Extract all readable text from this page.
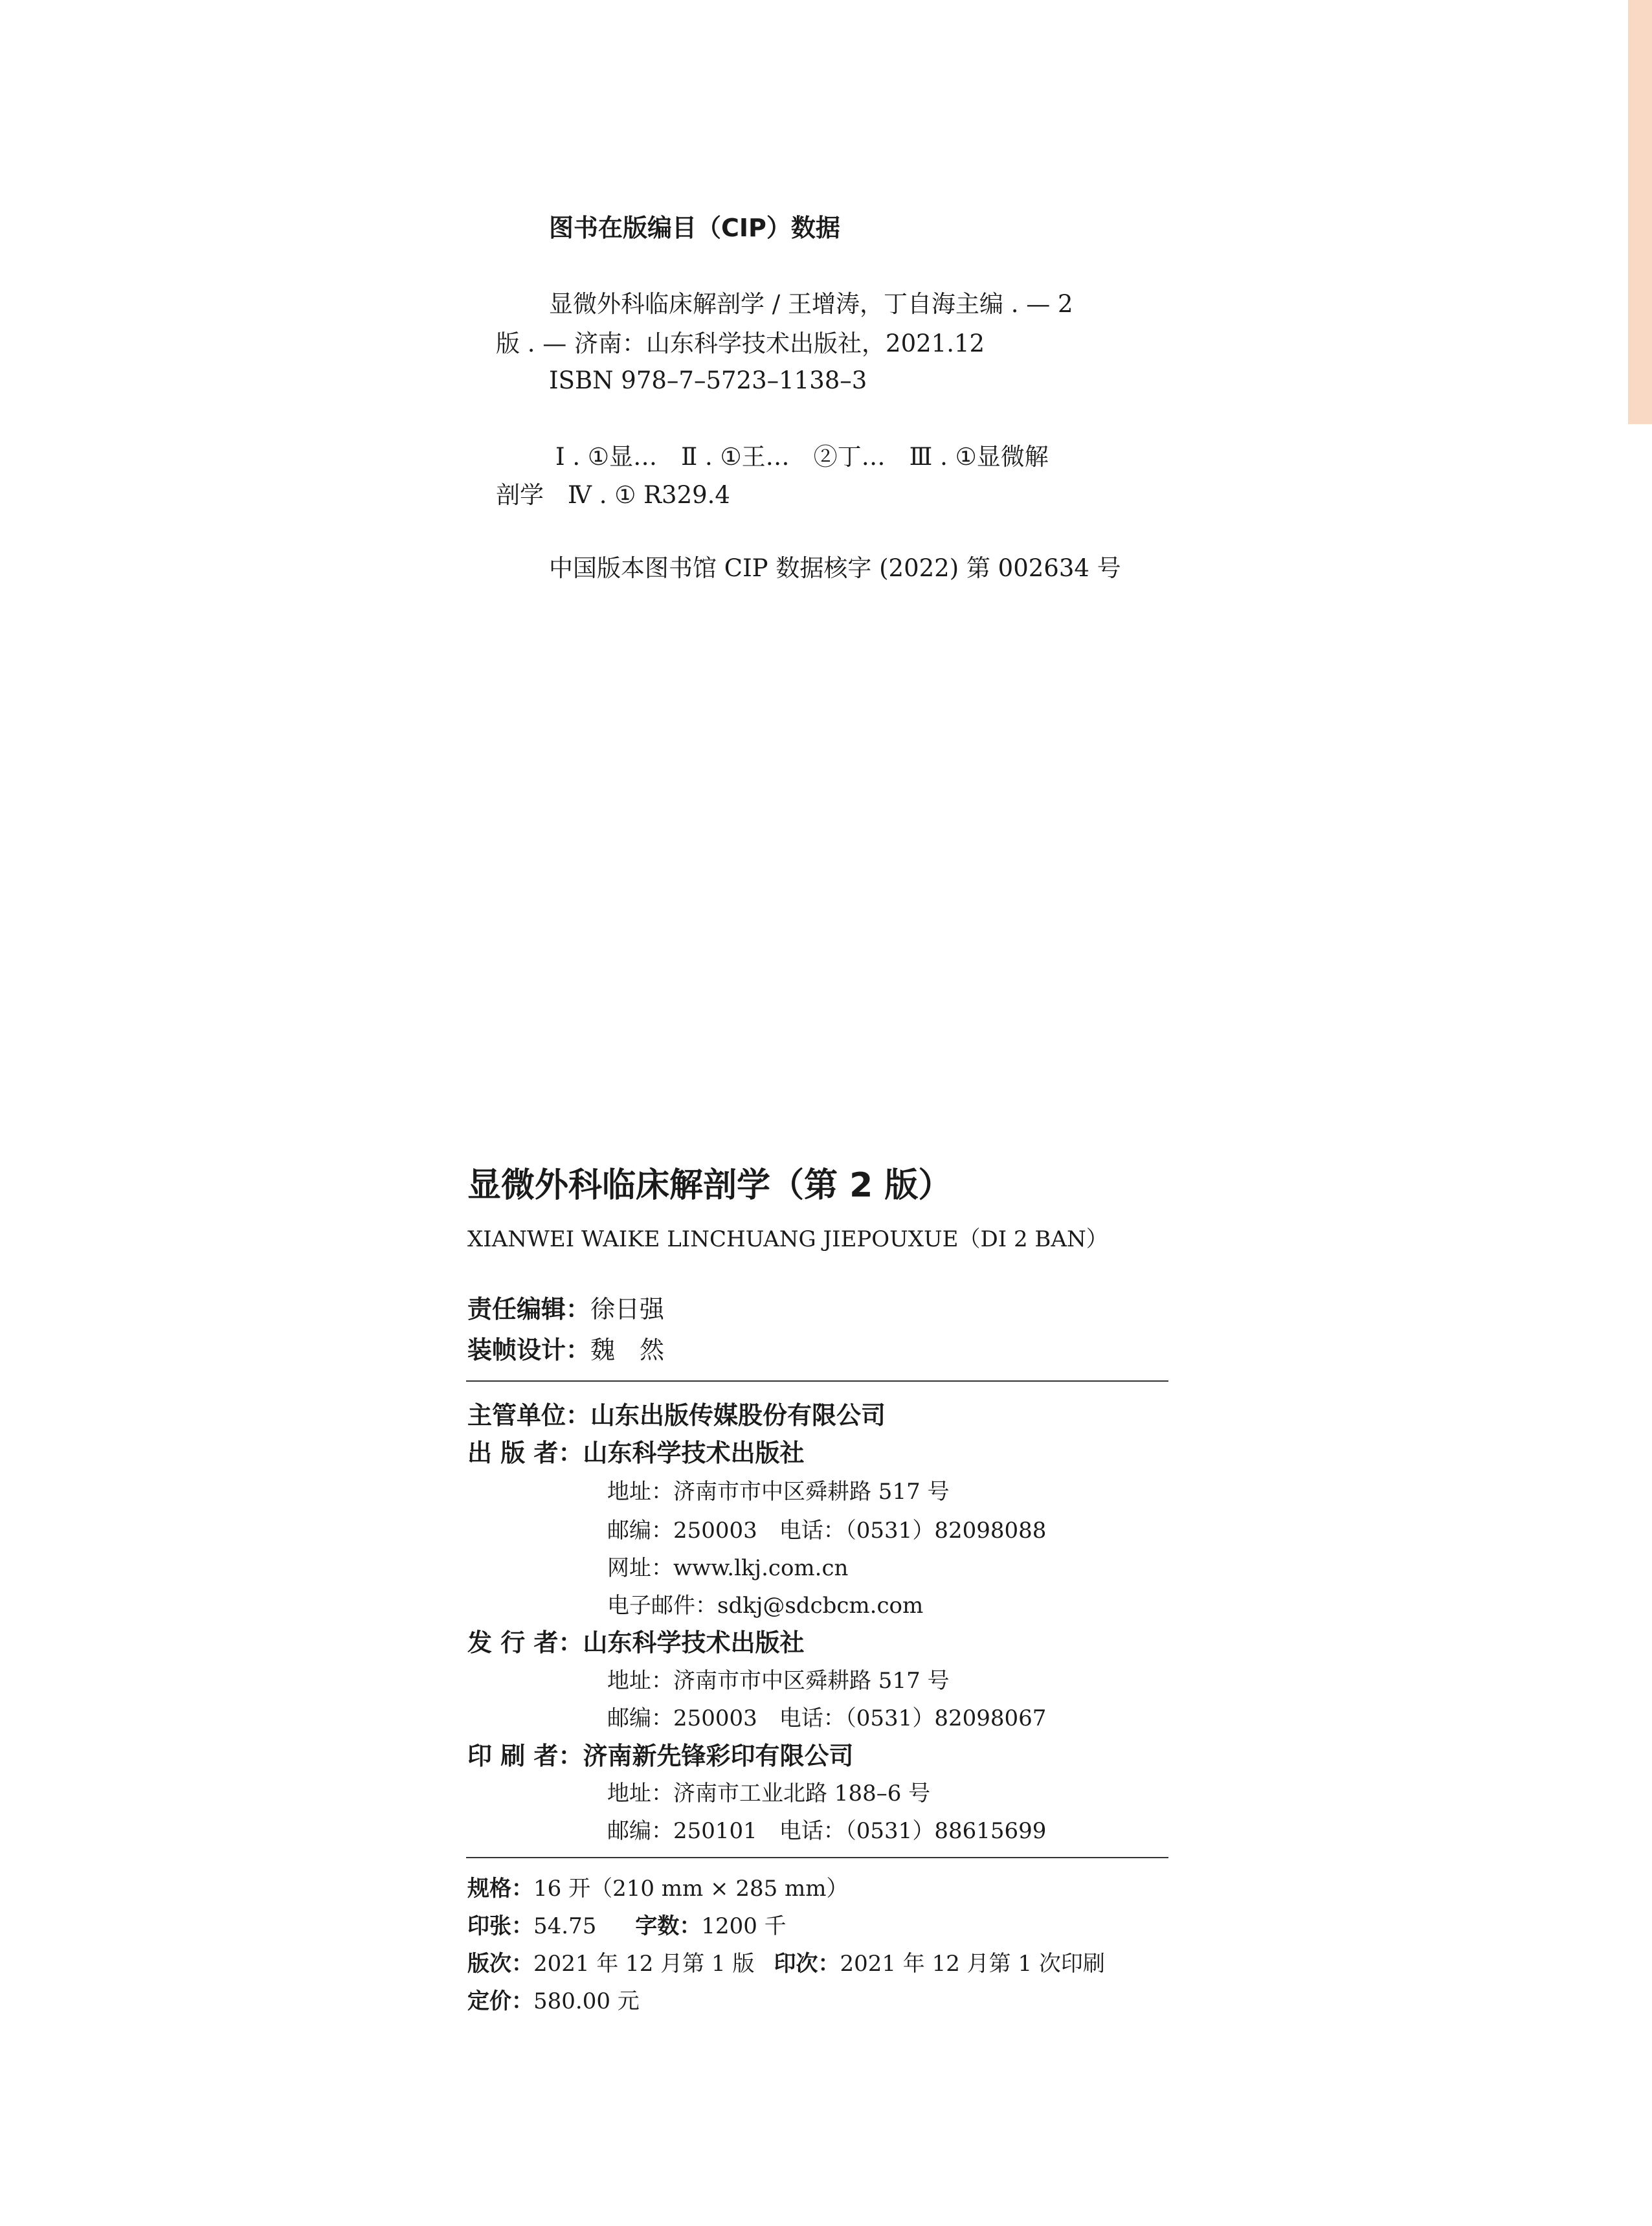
图书在版编目（CIP）数据
显微外科临床解剖学 / 王增涛，丁自海主编 . — 2
版 . — 济南：山东科学技术出版社，2021.12
ISBN 978–7–5723–1138–3
Ⅰ . ①显…　Ⅱ . ①王…　②丁…　Ⅲ . ①显微解
剖学　Ⅳ . ① R329.4
中国版本图书馆 CIP 数据核字 (2022) 第 002634 号
显微外科临床解剖学（第 2 版）
XIANWEI WAIKE LINCHUANG JIEPOUXUE（DI 2 BAN）
责任编辑：徐日强
装帧设计：魏　然
主管单位：山东出版传媒股份有限公司
出 版 者：山东科学技术出版社
地址：济南市市中区舜耕路 517 号
邮编：250003　电话：（0531）82098088
网址：www.lkj.com.cn
电子邮件：sdkj@sdcbcm.com
发 行 者：山东科学技术出版社
地址：济南市市中区舜耕路 517 号
邮编：250003　电话：（0531）82098067
印 刷 者：济南新先锋彩印有限公司
地址：济南市工业北路 188–6 号
邮编：250101　电话：（0531）88615699
规格：16 开（210 mm × 285 mm）
印张：54.75 字数：1200 千
版次：2021 年 12 月第 1 版 印次：2021 年 12 月第 1 次印刷
定价：580.00 元
